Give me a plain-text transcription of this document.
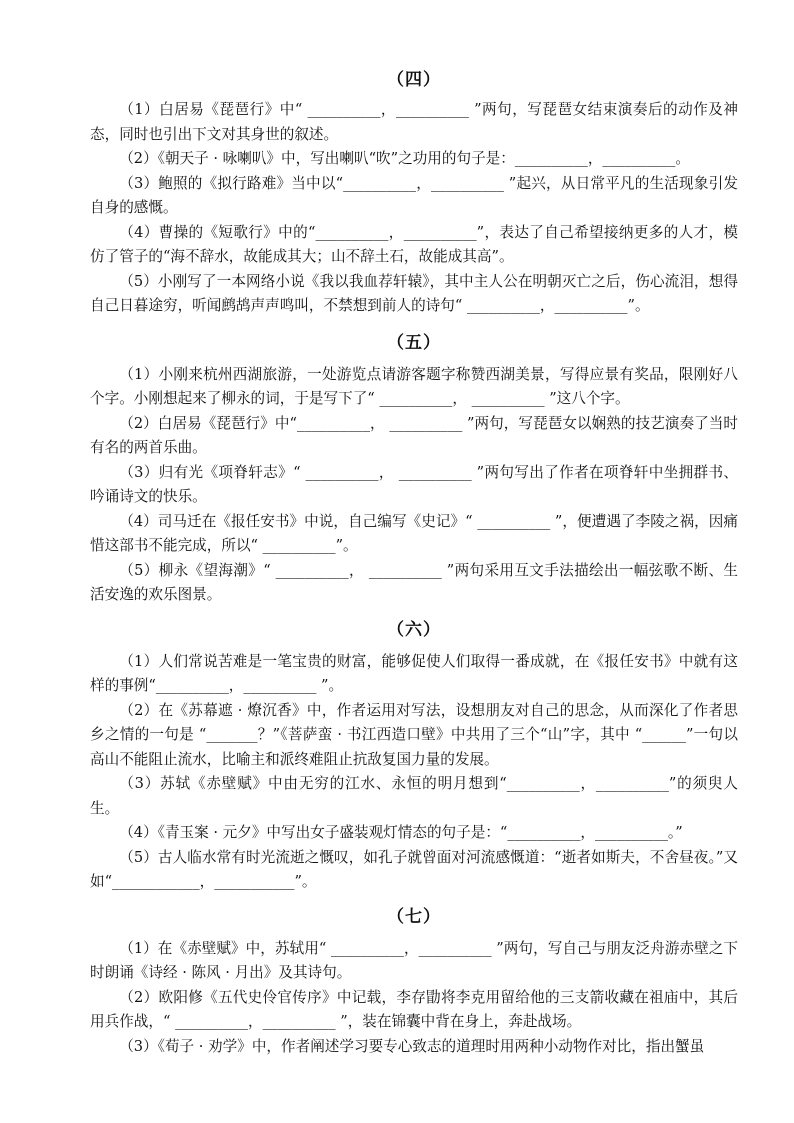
（四）

（1）白居易《琵琶行》中“ __________，__________ ”两句，写琵琶女结束演奏后的动作及神态，同时也引出下文对其身世的叙述。

（2）《朝天子 · 咏喇叭》中，写出喇叭“吹”之功用的句子是：__________，__________。

（3）鲍照的《拟行路难》当中以“__________，__________ ”起兴，从日常平凡的生活现象引发自身的感慨。

（4）曹操的《短歌行》中的“__________，__________”，表达了自己希望接纳更多的人才，模仿了管子的“海不辞水，故能成其大；山不辞土石，故能成其高”。

（5）小刚写了一本网络小说《我以我血荐轩辕》，其中主人公在明朝灭亡之后，伤心流泪，想得自己日暮途穷，听闻鹧鸪声声鸣叫，不禁想到前人的诗句“ __________，__________”。

（五）

（1）小刚来杭州西湖旅游，一处游览点请游客题字称赞西湖美景，写得应景有奖品，限刚好八个字。小刚想起来了柳永的词，于是写下了“ __________， __________ ”这八个字。

（2）白居易《琵琶行》中“__________， __________ ”两句，写琵琶女以娴熟的技艺演奏了当时有名的两首乐曲。

（3）归有光《项脊轩志》“ __________， __________ ”两句写出了作者在项脊轩中坐拥群书、吟诵诗文的快乐。

（4）司马迁在《报任安书》中说，自己编写《史记》“ __________ ”，便遭遇了李陵之祸，因痛惜这部书不能完成，所以“ __________”。

（5）柳永《望海潮》“ __________， __________ ”两句采用互文手法描绘出一幅弦歌不断、生活安逸的欢乐图景。

（六）

（1）人们常说苦难是一笔宝贵的财富，能够促使人们取得一番成就，在《报任安书》中就有这样的事例“__________，__________ ”。

（2）在《苏幕遮 · 燎沉香》中，作者运用对写法，设想朋友对自己的思念，从而深化了作者思乡之情的一句是 “_______？”《菩萨蛮 · 书江西造口壁》中共用了三个“山”字，其中 “______”一句以高山不能阻止流水，比喻主和派终难阻止抗敌复国力量的发展。

（3）苏轼《赤壁赋》中由无穷的江水、永恒的明月想到“__________，__________”的须臾人生。

（4）《青玉案 · 元夕》中写出女子盛装观灯情态的句子是：“__________，__________。”

（5）古人临水常有时光流逝之慨叹，如孔子就曾面对河流感慨道：“逝者如斯夫，不舍昼夜。”又如“____________，___________”。

（七）

（1）在《赤壁赋》中，苏轼用“ __________，__________ ”两句，写自己与朋友泛舟游赤壁之下时朗诵《诗经 · 陈风 · 月出》及其诗句。

（2）欧阳修《五代史伶官传序》中记载，李存勖将李克用留给他的三支箭收藏在祖庙中，其后用兵作战，“ __________，__________ ”，装在锦囊中背在身上，奔赴战场。

（3）《荀子 · 劝学》中，作者阐述学习要专心致志的道理时用两种小动物作对比，指出蟹虽
